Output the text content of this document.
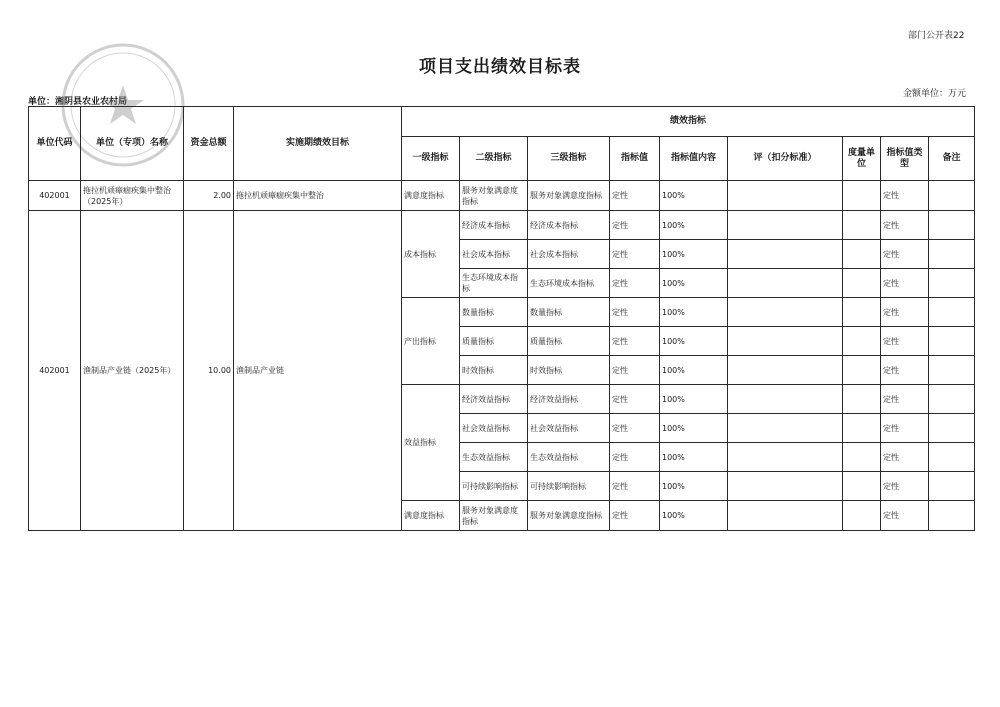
部门公开表22
项目支出绩效目标表
单位：湘阴县农业农村局
金额单位：万元
单位代码	单位（专项）名称	资金总额	实施期绩效目标	绩效指标								
				一级指标	二级指标	三级指标	指标值	指标值内容	评（扣分标准）	度量单位	指标值类型	备注
402001	拖拉机顽瘴痼疾集中整治（2025年）	2.00	拖拉机顽瘴痼疾集中整治	满意度指标	服务对象满意度指标	服务对象满意度指标	定性	100%			定性	
402001	渔制品产业链（2025年）	10.00	渔制品产业链	成本指标	经济成本指标	经济成本指标	定性	100%			定性	
					社会成本指标	社会成本指标	定性	100%			定性	
					生态环境成本指标	生态环境成本指标	定性	100%			定性	
				产出指标	数量指标	数量指标	定性	100%			定性	
					质量指标	质量指标	定性	100%			定性	
					时效指标	时效指标	定性	100%			定性	
				效益指标	经济效益指标	经济效益指标	定性	100%			定性	
					社会效益指标	社会效益指标	定性	100%			定性	
					生态效益指标	生态效益指标	定性	100%			定性	
					可持续影响指标	可持续影响指标	定性	100%			定性	
				满意度指标	服务对象满意度指标	服务对象满意度指标	定性	100%			定性	
